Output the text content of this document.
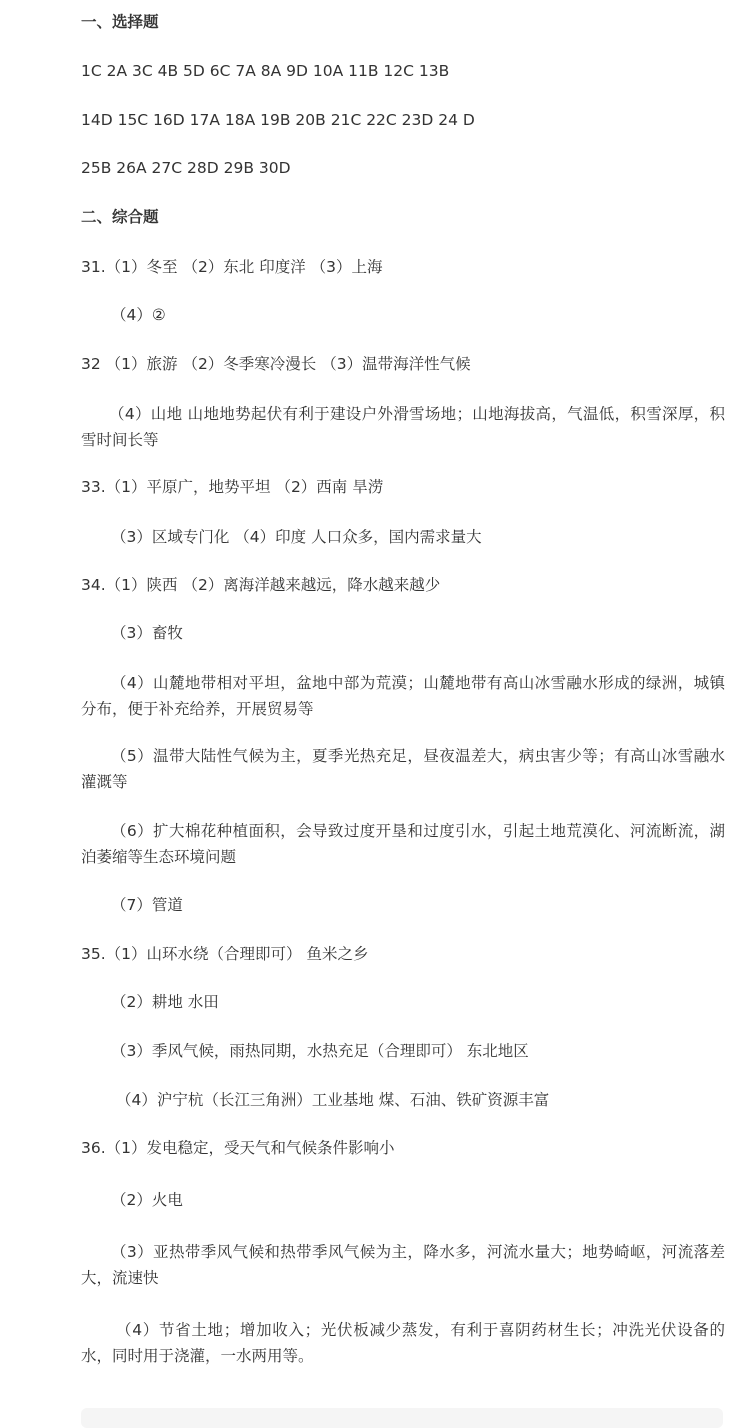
一、选择题
1C 2A 3C 4B 5D 6C 7A 8A 9D 10A 11B 12C 13B
14D 15C 16D 17A 18A 19B 20B 21C 22C 23D 24 D
25B 26A 27C 28D 29B 30D
二、综合题
31.（1）冬至 （2）东北 印度洋 （3）上海
（4）②
32 （1）旅游 （2）冬季寒冷漫长 （3）温带海洋性气候
（4）山地 山地地势起伏有利于建设户外滑雪场地；山地海拔高，气温低，积雪深厚，积雪时间长等
33.（1）平原广，地势平坦 （2）西南 旱涝
（3）区域专门化 （4）印度 人口众多，国内需求量大
34.（1）陕西 （2）离海洋越来越远，降水越来越少
（3）畜牧
（4）山麓地带相对平坦，盆地中部为荒漠；山麓地带有高山冰雪融水形成的绿洲，城镇分布，便于补充给养，开展贸易等
（5）温带大陆性气候为主，夏季光热充足，昼夜温差大，病虫害少等；有高山冰雪融水灌溉等
（6）扩大棉花种植面积，会导致过度开垦和过度引水，引起土地荒漠化、河流断流，湖泊萎缩等生态环境问题
（7）管道
35.（1）山环水绕（合理即可） 鱼米之乡
（2）耕地 水田
（3）季风气候，雨热同期，水热充足（合理即可） 东北地区
（4）沪宁杭（长江三角洲）工业基地 煤、石油、铁矿资源丰富
36.（1）发电稳定，受天气和气候条件影响小
（2）火电
（3）亚热带季风气候和热带季风气候为主，降水多，河流水量大；地势崎岖，河流落差大，流速快
（4）节省土地；增加收入；光伏板减少蒸发，有利于喜阴药材生长；冲洗光伏设备的水，同时用于浇灌，一水两用等。
